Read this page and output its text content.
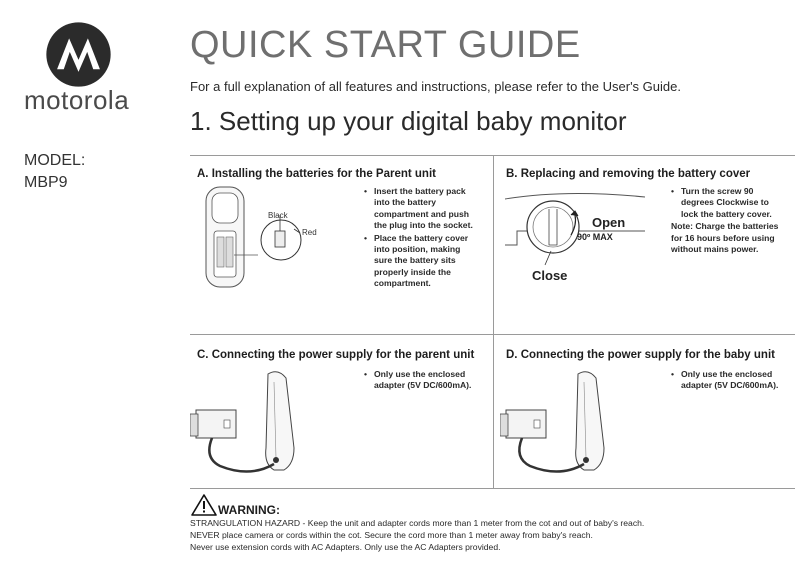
motorola
MODEL:
MBP9
QUICK START GUIDE
For a full explanation of all features and instructions, please refer to the User's Guide.
1. Setting up your digital baby monitor
A. Installing the batteries for the Parent unit
Black
Red
• Insert the battery pack into the battery compartment and push the plug into the socket.
• Place the battery cover into position, making sure the battery sits properly inside the compartment.
B. Replacing and removing the battery cover
Open
90º MAX
Close
• Turn the screw 90 degrees Clockwise to lock the battery cover.
Note: Charge the batteries for 16 hours before using without mains power.
C. Connecting the power supply for the parent unit
• Only use the enclosed adapter (5V DC/600mA).
D. Connecting the power supply for the baby unit
• Only use the enclosed adapter (5V DC/600mA).
WARNING:
STRANGULATION HAZARD - Keep the unit and adapter cords more than 1 meter from the cot and out of baby's reach.
NEVER place camera or cords within the cot. Secure the cord more than 1 meter away from baby's reach.
Never use extension cords with AC Adapters. Only use the AC Adapters provided.
